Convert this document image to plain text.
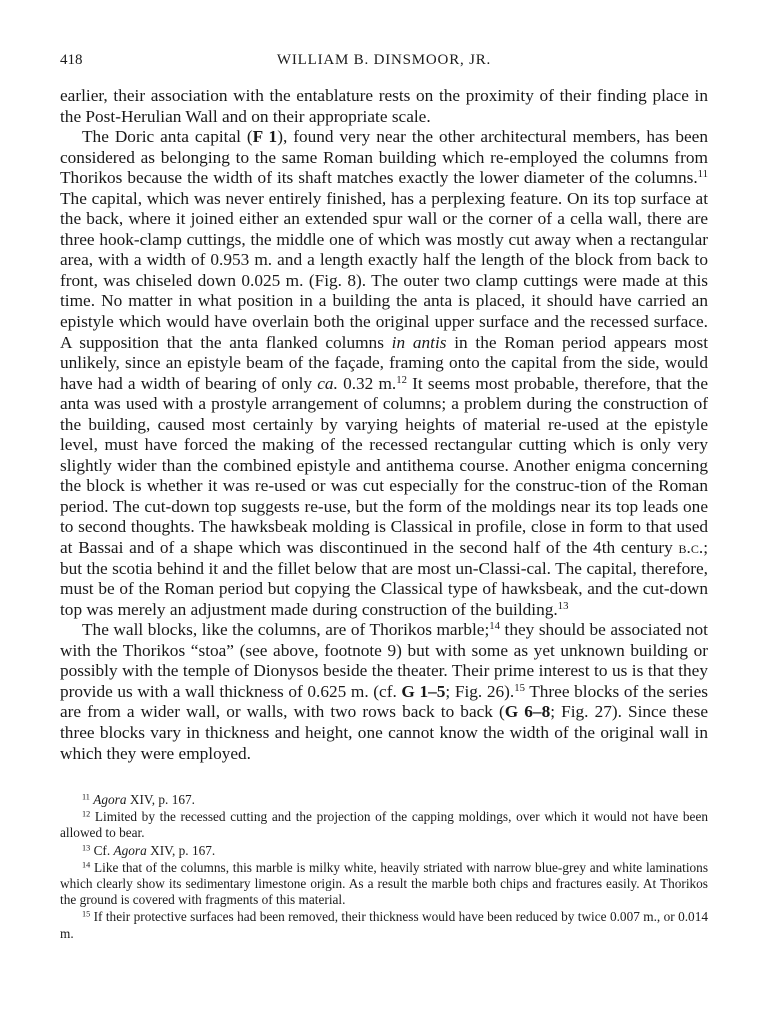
418	WILLIAM B. DINSMOOR, JR.

earlier, their association with the entablature rests on the proximity of their finding place in the Post-Herulian Wall and on their appropriate scale.

The Doric anta capital (F 1), found very near the other architectural members, has been considered as belonging to the same Roman building which re-employed the columns from Thorikos because the width of its shaft matches exactly the lower diameter of the columns.$^{11}$ The capital, which was never entirely finished, has a perplexing feature. On its top surface at the back, where it joined either an extended spur wall or the corner of a cella wall, there are three hook-clamp cuttings, the middle one of which was mostly cut away when a rectangular area, with a width of 0.953 m. and a length exactly half the length of the block from back to front, was chiseled down 0.025 m. (Fig. 8). The outer two clamp cuttings were made at this time. No matter in what position in a building the anta is placed, it should have carried an epistyle which would have overlain both the original upper surface and the recessed surface. A supposition that the anta flanked columns in antis in the Roman period appears most unlikely, since an epistyle beam of the façade, framing onto the capital from the side, would have had a width of bearing of only ca. 0.32 m.$^{12}$ It seems most probable, therefore, that the anta was used with a prostyle arrangement of columns; a problem during the construction of the building, caused most certainly by varying heights of material re-used at the epistyle level, must have forced the making of the recessed rectangular cutting which is only very slightly wider than the combined epistyle and antithema course. Another enigma concerning the block is whether it was re-used or was cut especially for the construc-tion of the Roman period. The cut-down top suggests re-use, but the form of the moldings near its top leads one to second thoughts. The hawksbeak molding is Classical in profile, close in form to that used at Bassai and of a shape which was discontinued in the second half of the 4th century b.c.; but the scotia behind it and the fillet below that are most un-Classi-cal. The capital, therefore, must be of the Roman period but copying the Classical type of hawksbeak, and the cut-down top was merely an adjustment made during construction of the building.$^{13}$

The wall blocks, like the columns, are of Thorikos marble;$^{14}$ they should be associated not with the Thorikos “stoa” (see above, footnote 9) but with some as yet unknown building or possibly with the temple of Dionysos beside the theater. Their prime interest to us is that they provide us with a wall thickness of 0.625 m. (cf. G 1–5; Fig. 26).$^{15}$ Three blocks of the series are from a wider wall, or walls, with two rows back to back (G 6–8; Fig. 27). Since these three blocks vary in thickness and height, one cannot know the width of the original wall in which they were employed.

$^{11}$ Agora XIV, p. 167.

$^{12}$ Limited by the recessed cutting and the projection of the capping moldings, over which it would not have been allowed to bear.

$^{13}$ Cf. Agora XIV, p. 167.

$^{14}$ Like that of the columns, this marble is milky white, heavily striated with narrow blue-grey and white laminations which clearly show its sedimentary limestone origin. As a result the marble both chips and fractures easily. At Thorikos the ground is covered with fragments of this material.

$^{15}$ If their protective surfaces had been removed, their thickness would have been reduced by twice 0.007 m., or 0.014 m.
